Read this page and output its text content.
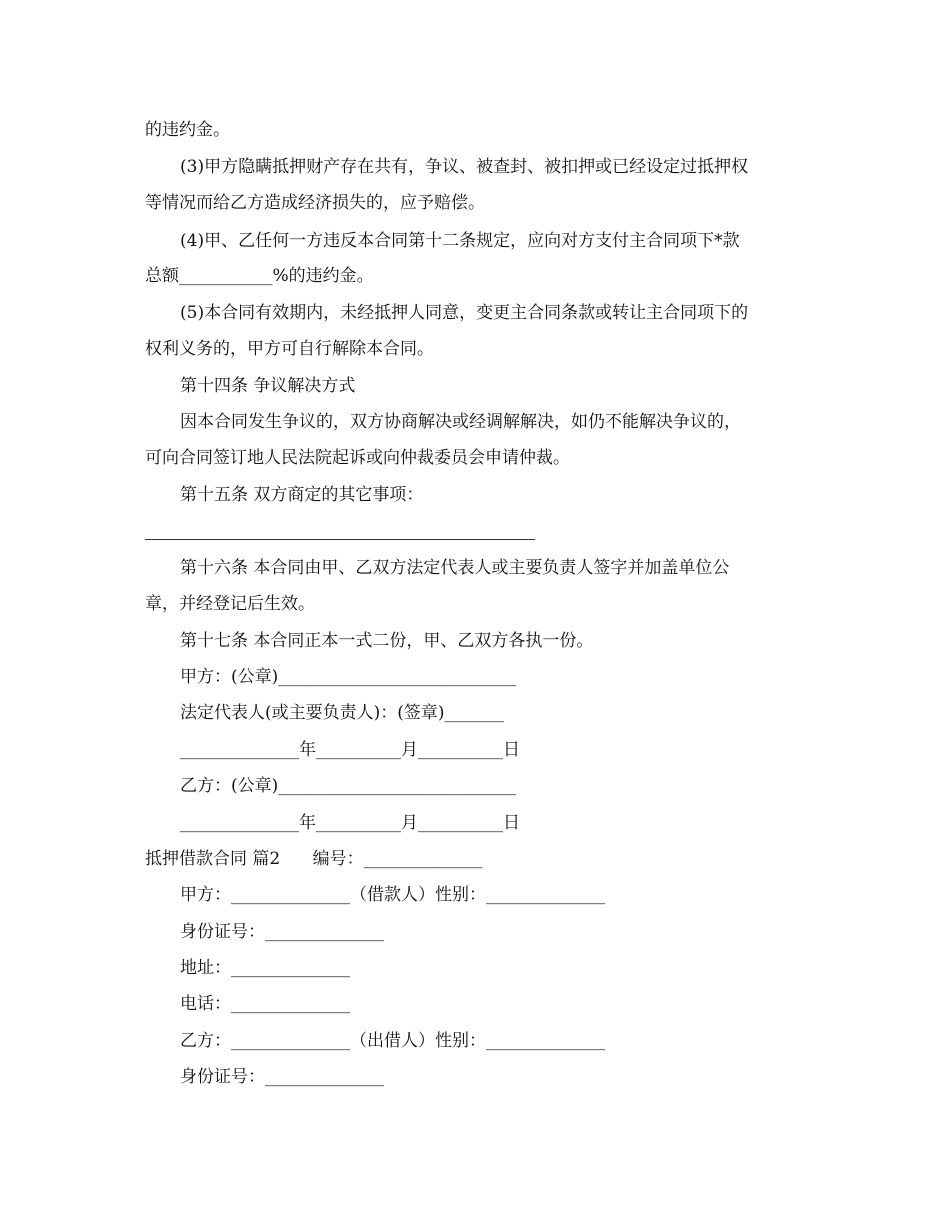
的违约金。
(3)甲方隐瞒抵押财产存在共有，争议、被查封、被扣押或已经设定过抵押权
等情况而给乙方造成经济损失的，应予赔偿。
(4)甲、乙任何一方违反本合同第十二条规定，应向对方支付主合同项下*款
总额___________%的违约金。
(5)本合同有效期内，未经抵押人同意，变更主合同条款或转让主合同项下的
权利义务的，甲方可自行解除本合同。
第十四条 争议解决方式
因本合同发生争议的，双方协商解决或经调解解决，如仍不能解决争议的，
可向合同签订地人民法院起诉或向仲裁委员会申请仲裁。
第十五条 双方商定的其它事项：
第十六条 本合同由甲、乙双方法定代表人或主要负责人签字并加盖单位公
章，并经登记后生效。
第十七条 本合同正本一式二份，甲、乙双方各执一份。
甲方：(公章)____________________________
法定代表人(或主要负责人)：(签章)_______
______________年__________月__________日
乙方：(公章)____________________________
______________年__________月__________日
抵押借款合同 篇2      编号：______________
甲方：______________（借款人）性别：______________
身份证号：______________
地址：______________
电话：______________
乙方：______________（出借人）性别：______________
身份证号：______________
